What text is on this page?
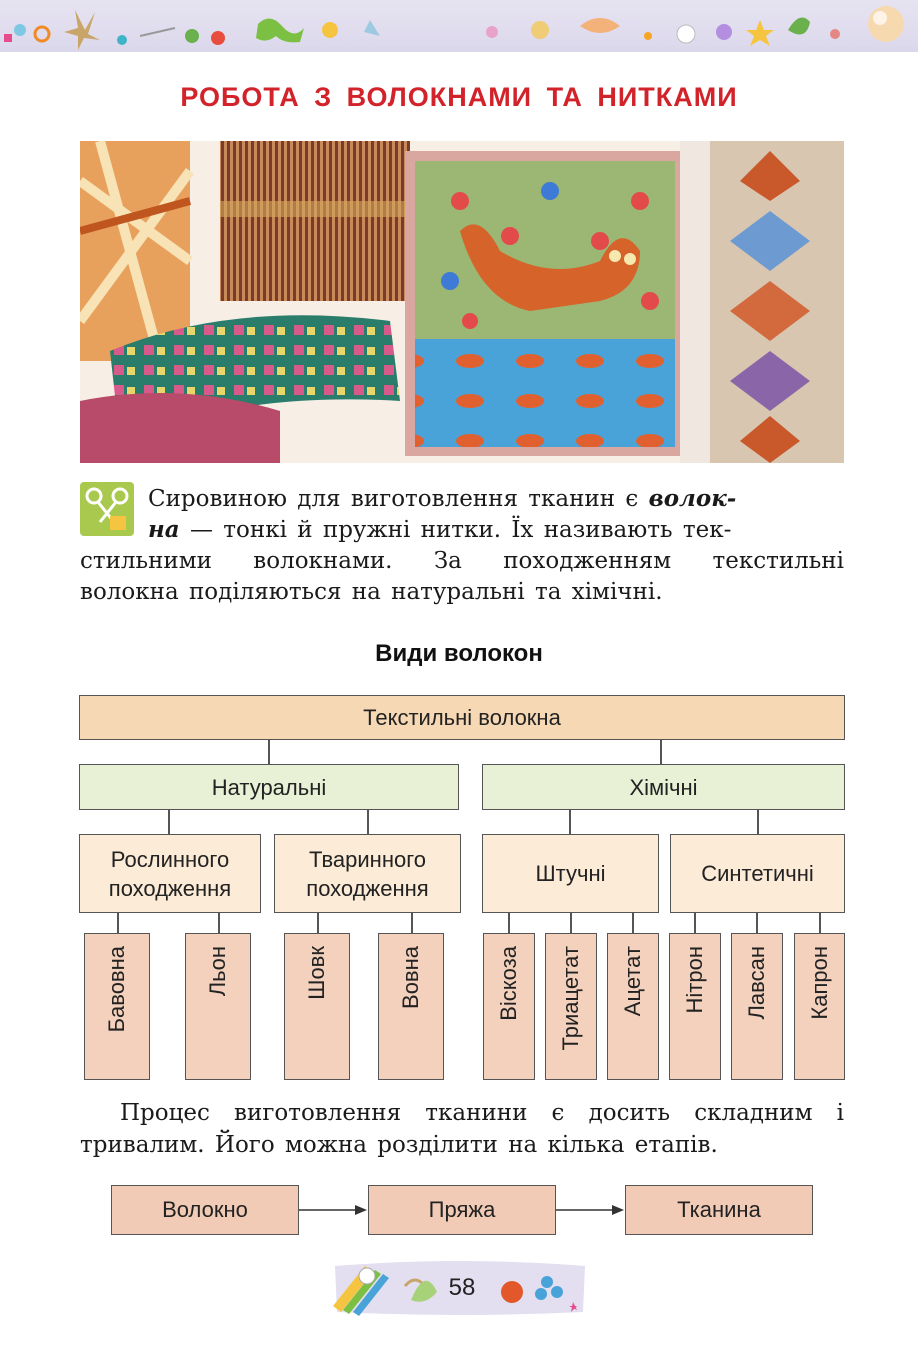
РОБОТА З ВОЛОКНАМИ ТА НИТКАМИ
Сировиною для виготовлення тканин є волок-
на — тонкі й пружні нитки. Їх називають тек-
стильними волокнами. За походженням текстильні
волокна поділяються на натуральні та хімічні.
Види волокон
Текстильні волокна
Натуральні	Хімічні
Рослинного походження
Тваринного походження
Штучні	Синтетичні
Бавовна	Льон	Шовк	Вовна	Віскоза Триацетат Ацетат Нітрон Лавсан Капрон
Процес виготовлення тканини є досить складним і
тривалим. Його можна розділити на кілька етапів.
Волокно	Пряжа	Тканина
58
